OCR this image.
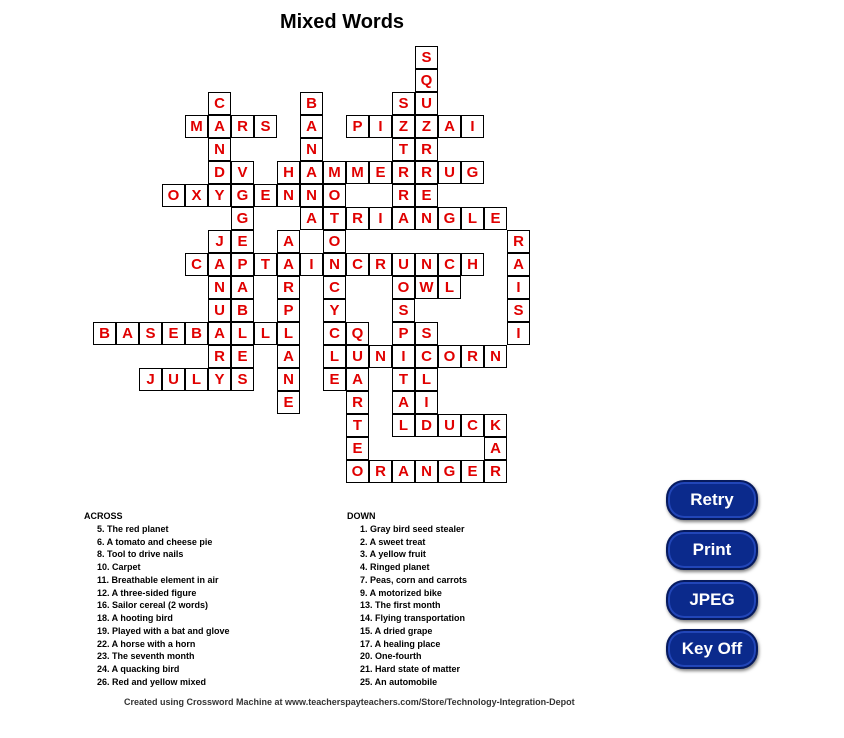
Mixed Words
S
Q
C	B	S U
M A R S	A	P	I	Z Z A	I
N	N	T R
D V	H A M M E R R U G
O X Y G E N N O	R E
G	A T R	I	A N G L E
J E	A	O	R
C A P T A	I	N C R U N C H	A
N A	R	C	O W L	I
U B	P	Y	S	S
B A S E B A L L L	C Q	P S	I
R E	A	L U N	I	C O R N
J U L Y S	N	E A	T L
E	R	A	I
T	L D U C K
E	A
O R A N G E R
ACROSS
5. The red planet
6. A tomato and cheese pie
8. Tool to drive nails
10. Carpet
11. Breathable element in air
12. A three-sided figure
16. Sailor cereal (2 words)
18. A hooting bird
19. Played with a bat and glove
22. A horse with a horn
23. The seventh month
24. A quacking bird
26. Red and yellow mixed
DOWN
1. Gray bird seed stealer
2. A sweet treat
3. A yellow fruit
4. Ringed planet
7. Peas, corn and carrots
9. A motorized bike
13. The first month
14. Flying transportation
15. A dried grape
17. A healing place
20. One-fourth
21. Hard state of matter
25. An automobile
Created using Crossword Machine at www.teacherspayteachers.com/Store/Technology-Integration-Depot
Retry
Print
JPEG
Key Off
